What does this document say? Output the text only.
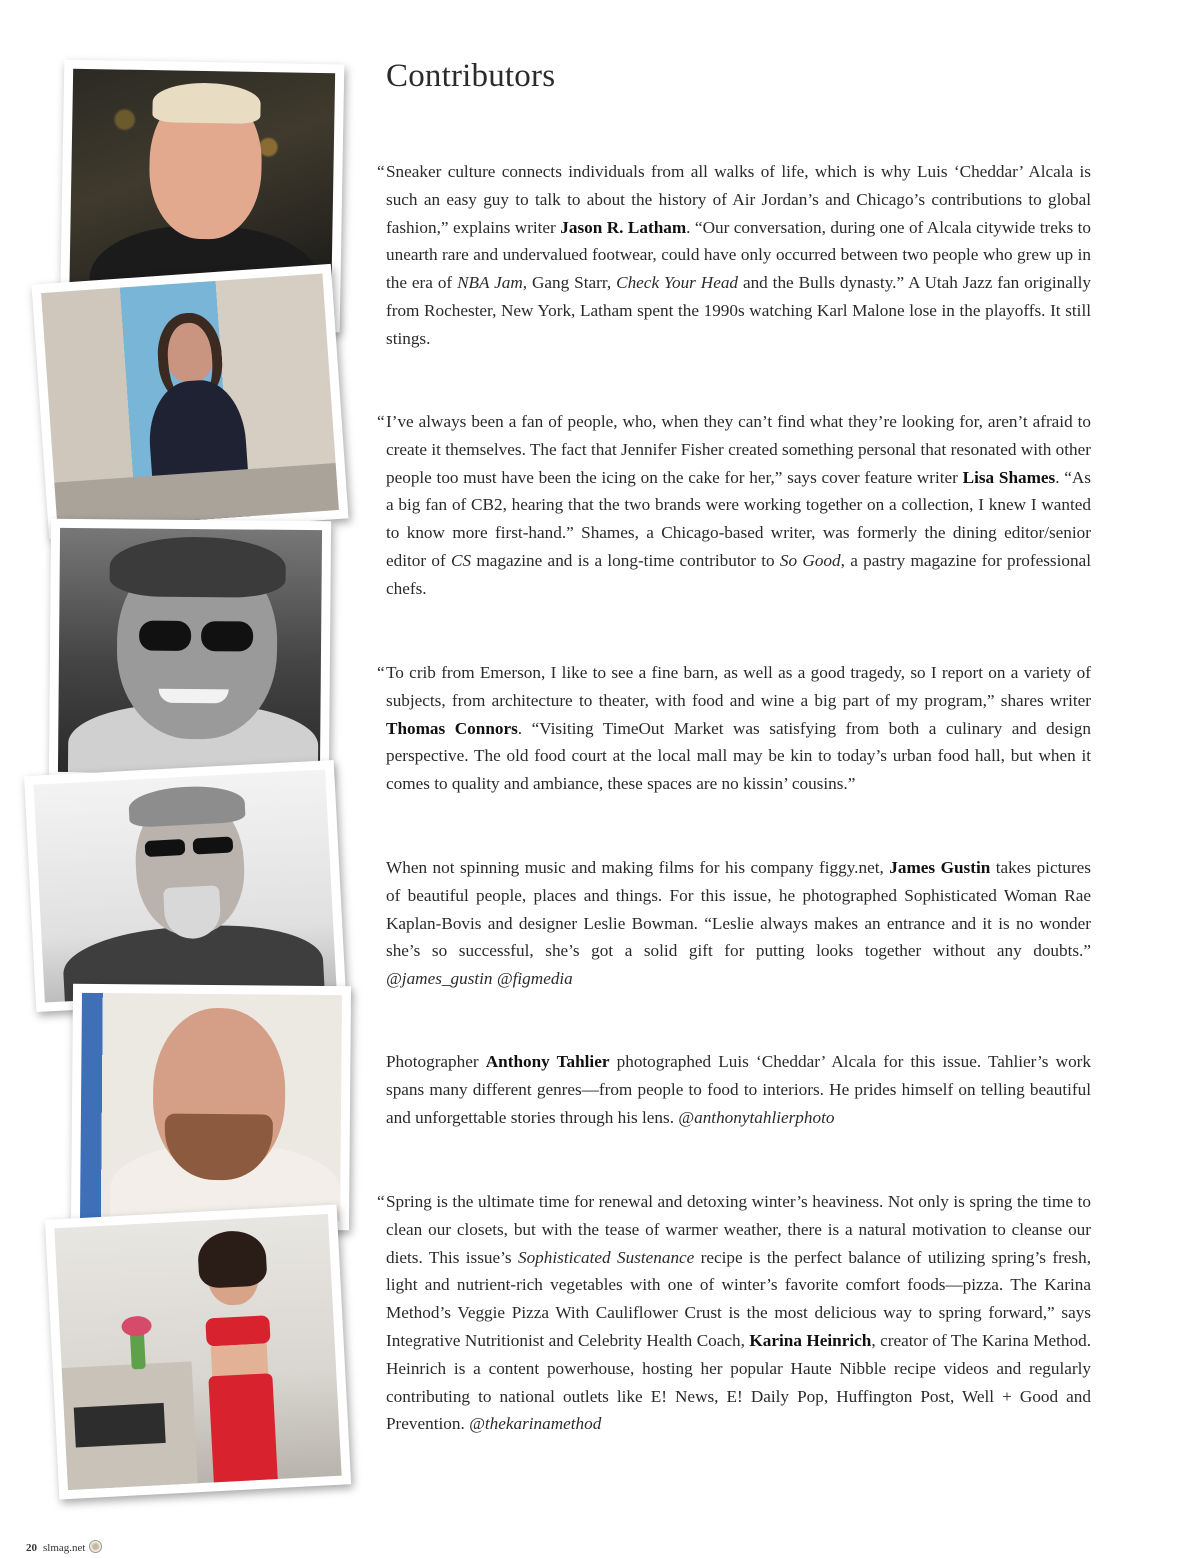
Contributors

“ Sneaker culture connects individuals from all walks of life, which is why Luis ‘Cheddar’ Alcala is such an easy guy to talk to about the history of Air Jordan’s and Chicago’s contributions to global fashion,” explains writer Jason R. Latham. “Our conversation, during one of Alcala citywide treks to unearth rare and undervalued footwear, could have only occurred between two people who grew up in the era of NBA Jam, Gang Starr, Check Your Head and the Bulls dynasty.” A Utah Jazz fan originally from Rochester, New York, Latham spent the 1990s watching Karl Malone lose in the playoffs. It still stings.

“ I’ve always been a fan of people, who, when they can’t find what they’re looking for, aren’t afraid to create it themselves. The fact that Jennifer Fisher created something personal that resonated with other people too must have been the icing on the cake for her,” says cover feature writer Lisa Shames. “As a big fan of CB2, hearing that the two brands were working together on a collection, I knew I wanted to know more first-hand.” Shames, a Chicago-based writer, was formerly the dining editor/senior editor of CS magazine and is a long-time contributor to So Good, a pastry magazine for professional chefs.

“ To crib from Emerson, I like to see a fine barn, as well as a good tragedy, so I report on a variety of subjects, from architecture to theater, with food and wine a big part of my program,” shares writer Thomas Connors. “Visiting TimeOut Market was satisfying from both a culinary and design perspective. The old food court at the local mall may be kin to today’s urban food hall, but when it comes to quality and ambiance, these spaces are no kissin’ cousins.”

When not spinning music and making films for his company figgy.net, James Gustin takes pictures of beautiful people, places and things. For this issue, he photographed Sophisticated Woman Rae Kaplan-Bovis and designer Leslie Bowman. “Leslie always makes an entrance and it is no wonder she’s so successful, she’s got a solid gift for putting looks together without any doubts.” @james_gustin @figmedia

Photographer Anthony Tahlier photographed Luis ‘Cheddar’ Alcala for this issue. Tahlier’s work spans many different genres—from people to food to interiors. He prides himself on telling beautiful and unforgettable stories through his lens. @anthonytahlierphoto

“ Spring is the ultimate time for renewal and detoxing winter’s heaviness. Not only is spring the time to clean our closets, but with the tease of warmer weather, there is a natural motivation to cleanse our diets. This issue’s Sophisticated Sustenance recipe is the perfect balance of utilizing spring’s fresh, light and nutrient-rich vegetables with one of winter’s favorite comfort foods—pizza. The Karina Method’s Veggie Pizza With Cauliflower Crust is the most delicious way to spring forward,” says Integrative Nutritionist and Celebrity Health Coach, Karina Heinrich, creator of The Karina Method. Heinrich is a content powerhouse, hosting her popular Haute Nibble recipe videos and regularly contributing to national outlets like E! News, E! Daily Pop, Huffington Post, Well + Good and Prevention. @thekarinamethod

20 slmag.net
